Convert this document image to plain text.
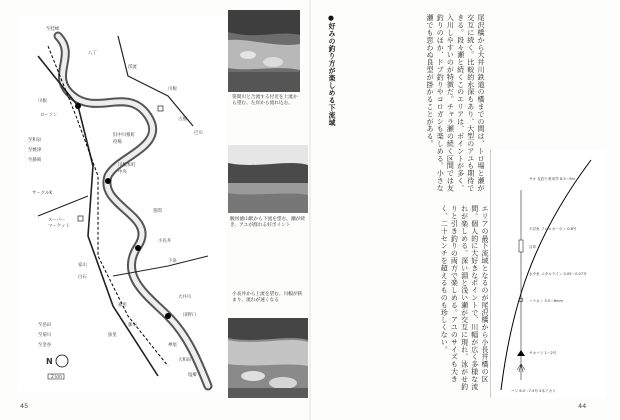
至桂峰
八丁
渓流
川根
古風
巴川
川根
ローソン
旧中川根町
役場
川根本町
中央
サークルK
スーパー
マーケット
至和泉
至焼津
至静岡
笹間
小長井
下泉
家山
白石
大井川
福用
田野口
藤川
抜里
至島田
至菊川
至金谷	神尾
大和田
塩郷
N
2 km
笹間川と合流する付近を上流から望む。左岸から流れ込む。
駿河徳山駅から下流を望む。瀬が続き、アユが群れる好ポイント
小長井から上流を望む。川幅が狭まり、流れが速くなる
尾沢橋から大井川鉄道の橋までの間は、トロ場と瀬が交互に続く。比較的水深もあり、大型のアユも期待できる。段々瀬と続くこのエリアは、ポイントが多く、入川しやすいのが特徴だ。チャラ瀬の続く区間では友釣りのほか、ドブ釣りやコロガシも楽しめる。小さな瀬でも思わぬ良型が掛かることがある。
●好みの釣り方が楽しめる下流域
エリアの最下流域となるのが尾沢橋から小長井橋の区間。個人的に大好きなポイントで、川幅が広く多様な流れが楽しめる。深い淵と浅い瀬が交互に現れ、泳がせ釣りと引き釣りの両方で楽しめる。アユのサイズも大きく、二十センチを超えるものも珍しくない。
サオ 友釣り専用竿 8.5〜9m
天井糸 フロロカーボン 0.8号
目印
水中糸 メタルライン 0.05〜0.07号
ハナカン 5.5〜6mm
サカバリ 1〜2号
ハリ 6.5〜7.5号 4本イカリ
45	44
